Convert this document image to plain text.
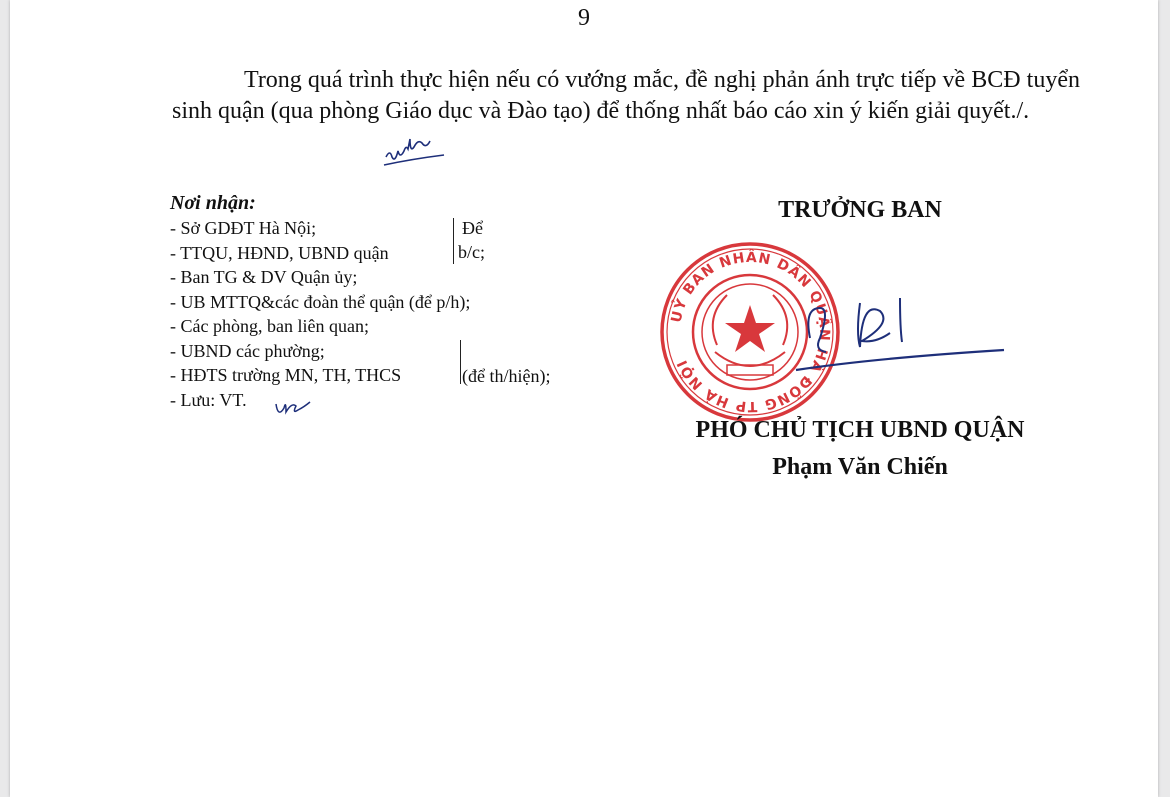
9

Trong quá trình thực hiện nếu có vướng mắc, đề nghị phản ánh trực tiếp về BCĐ tuyển sinh quận (qua phòng Giáo dục và Đào tạo) để thống nhất báo cáo xin ý kiến giải quyết./.

Nơi nhận:
- Sở GDĐT Hà Nội;
- TTQU, HĐND, UBND quận
- Ban TG & DV Quận ủy;
- UB MTTQ&các đoàn thể quận (để p/h);
- Các phòng, ban liên quan;
- UBND các phường;
- HĐTS trường MN, TH, THCS
- Lưu: VT.
Để
b/c;
(để th/hiện);
TRƯỞNG BAN
UỶ BAN NHÂN DÂN QUẬN HÀ ĐÔNG TP HÀ NỘI
PHÓ CHỦ TỊCH UBND QUẬN
Phạm Văn Chiến
